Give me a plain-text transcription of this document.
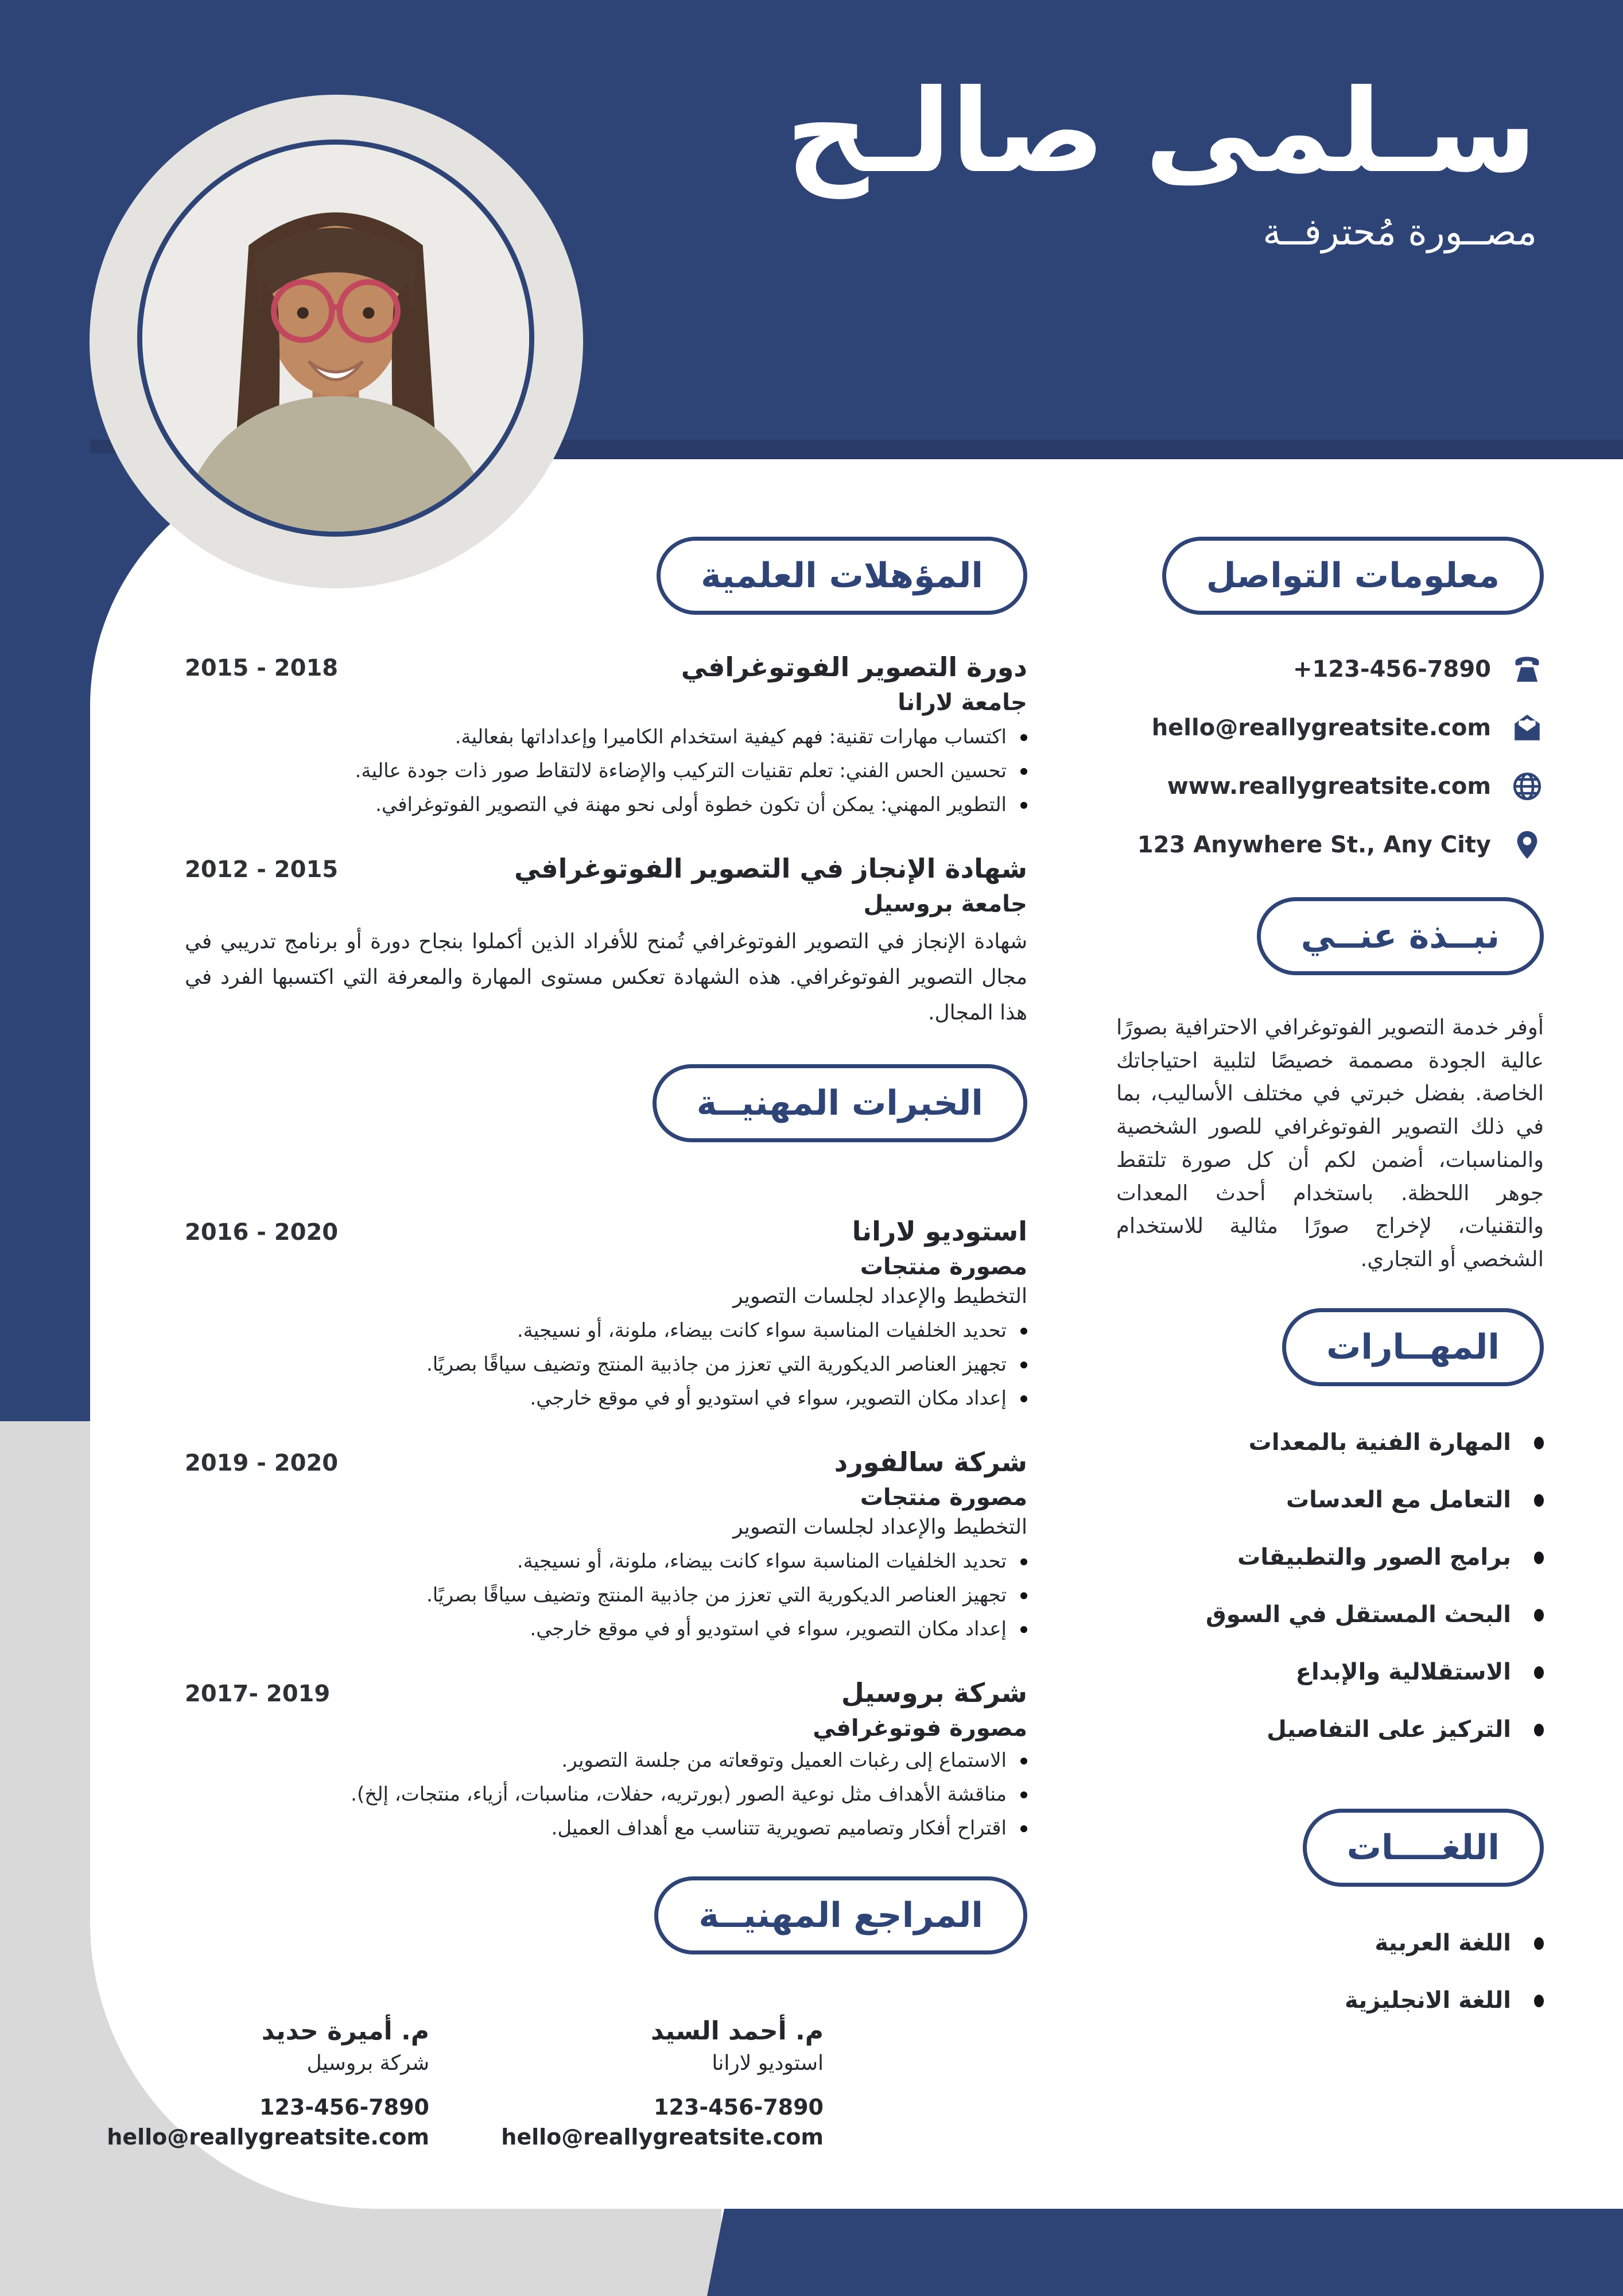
سـلمى صالـح
مصــورة مُحترفــة
المؤهلات العلمية
دورة التصوير الفوتوغرافي
2015 - 2018
جامعة لارانا
اكتساب مهارات تقنية: فهم كيفية استخدام الكاميرا وإعداداتها بفعالية.
تحسين الحس الفني: تعلم تقنيات التركيب والإضاءة لالتقاط صور ذات جودة عالية.
التطوير المهني: يمكن أن تكون خطوة أولى نحو مهنة في التصوير الفوتوغرافي.
شهادة الإنجاز في التصوير الفوتوغرافي
2012 - 2015
جامعة بروسيل

شهادة الإنجاز في التصوير الفوتوغرافي تُمنح للأفراد الذين أكملوا بنجاح دورة أو برنامج تدريبي في مجال التصوير الفوتوغرافي. هذه الشهادة تعكس مستوى المهارة والمعرفة التي اكتسبها الفرد في هذا المجال.

الخبرات المهنيــة
استوديو لارانا
2016 - 2020
مصورة منتجات
التخطيط والإعداد لجلسات التصوير
تحديد الخلفيات المناسبة سواء كانت بيضاء، ملونة، أو نسيجية.
تجهيز العناصر الديكورية التي تعزز من جاذبية المنتج وتضيف سياقًا بصريًا.
إعداد مكان التصوير، سواء في استوديو أو في موقع خارجي.
شركة سالفورد
2019 - 2020
مصورة منتجات
التخطيط والإعداد لجلسات التصوير
تحديد الخلفيات المناسبة سواء كانت بيضاء، ملونة، أو نسيجية.
تجهيز العناصر الديكورية التي تعزز من جاذبية المنتج وتضيف سياقًا بصريًا.
إعداد مكان التصوير، سواء في استوديو أو في موقع خارجي.
شركة بروسيل
2017- 2019
مصورة فوتوغرافي
الاستماع إلى رغبات العميل وتوقعاته من جلسة التصوير.
مناقشة الأهداف مثل نوعية الصور (بورتريه، حفلات، مناسبات، أزياء، منتجات، إلخ).
اقتراح أفكار وتصاميم تصويرية تتناسب مع أهداف العميل.
المراجع المهنيــة
م. أحمد السيد
استوديو لارانا
123-456-7890
hello@reallygreatsite.com
م. أميرة حديد
شركة بروسيل
123-456-7890
hello@reallygreatsite.com
معلومات التواصل
+123-456-7890
hello@reallygreatsite.com
www.reallygreatsite.com
123 Anywhere St., Any City
نبــذة عنــي

أوفر خدمة التصوير الفوتوغرافي الاحترافية بصورًا عالية الجودة مصممة خصيصًا لتلبية احتياجاتك الخاصة. بفضل خبرتي في مختلف الأساليب، بما في ذلك التصوير الفوتوغرافي للصور الشخصية والمناسبات، أضمن لكم أن كل صورة تلتقط جوهر اللحظة. باستخدام أحدث المعدات والتقنيات، لإخراج صورًا مثالية للاستخدام الشخصي أو التجاري.

المهــارات
المهارة الفنية بالمعدات
التعامل مع العدسات
برامج الصور والتطبيقات
البحث المستقل في السوق
الاستقلالية والإبداع
التركيز على التفاصيل
اللغــــات
اللغة العربية
اللغة الانجليزية
